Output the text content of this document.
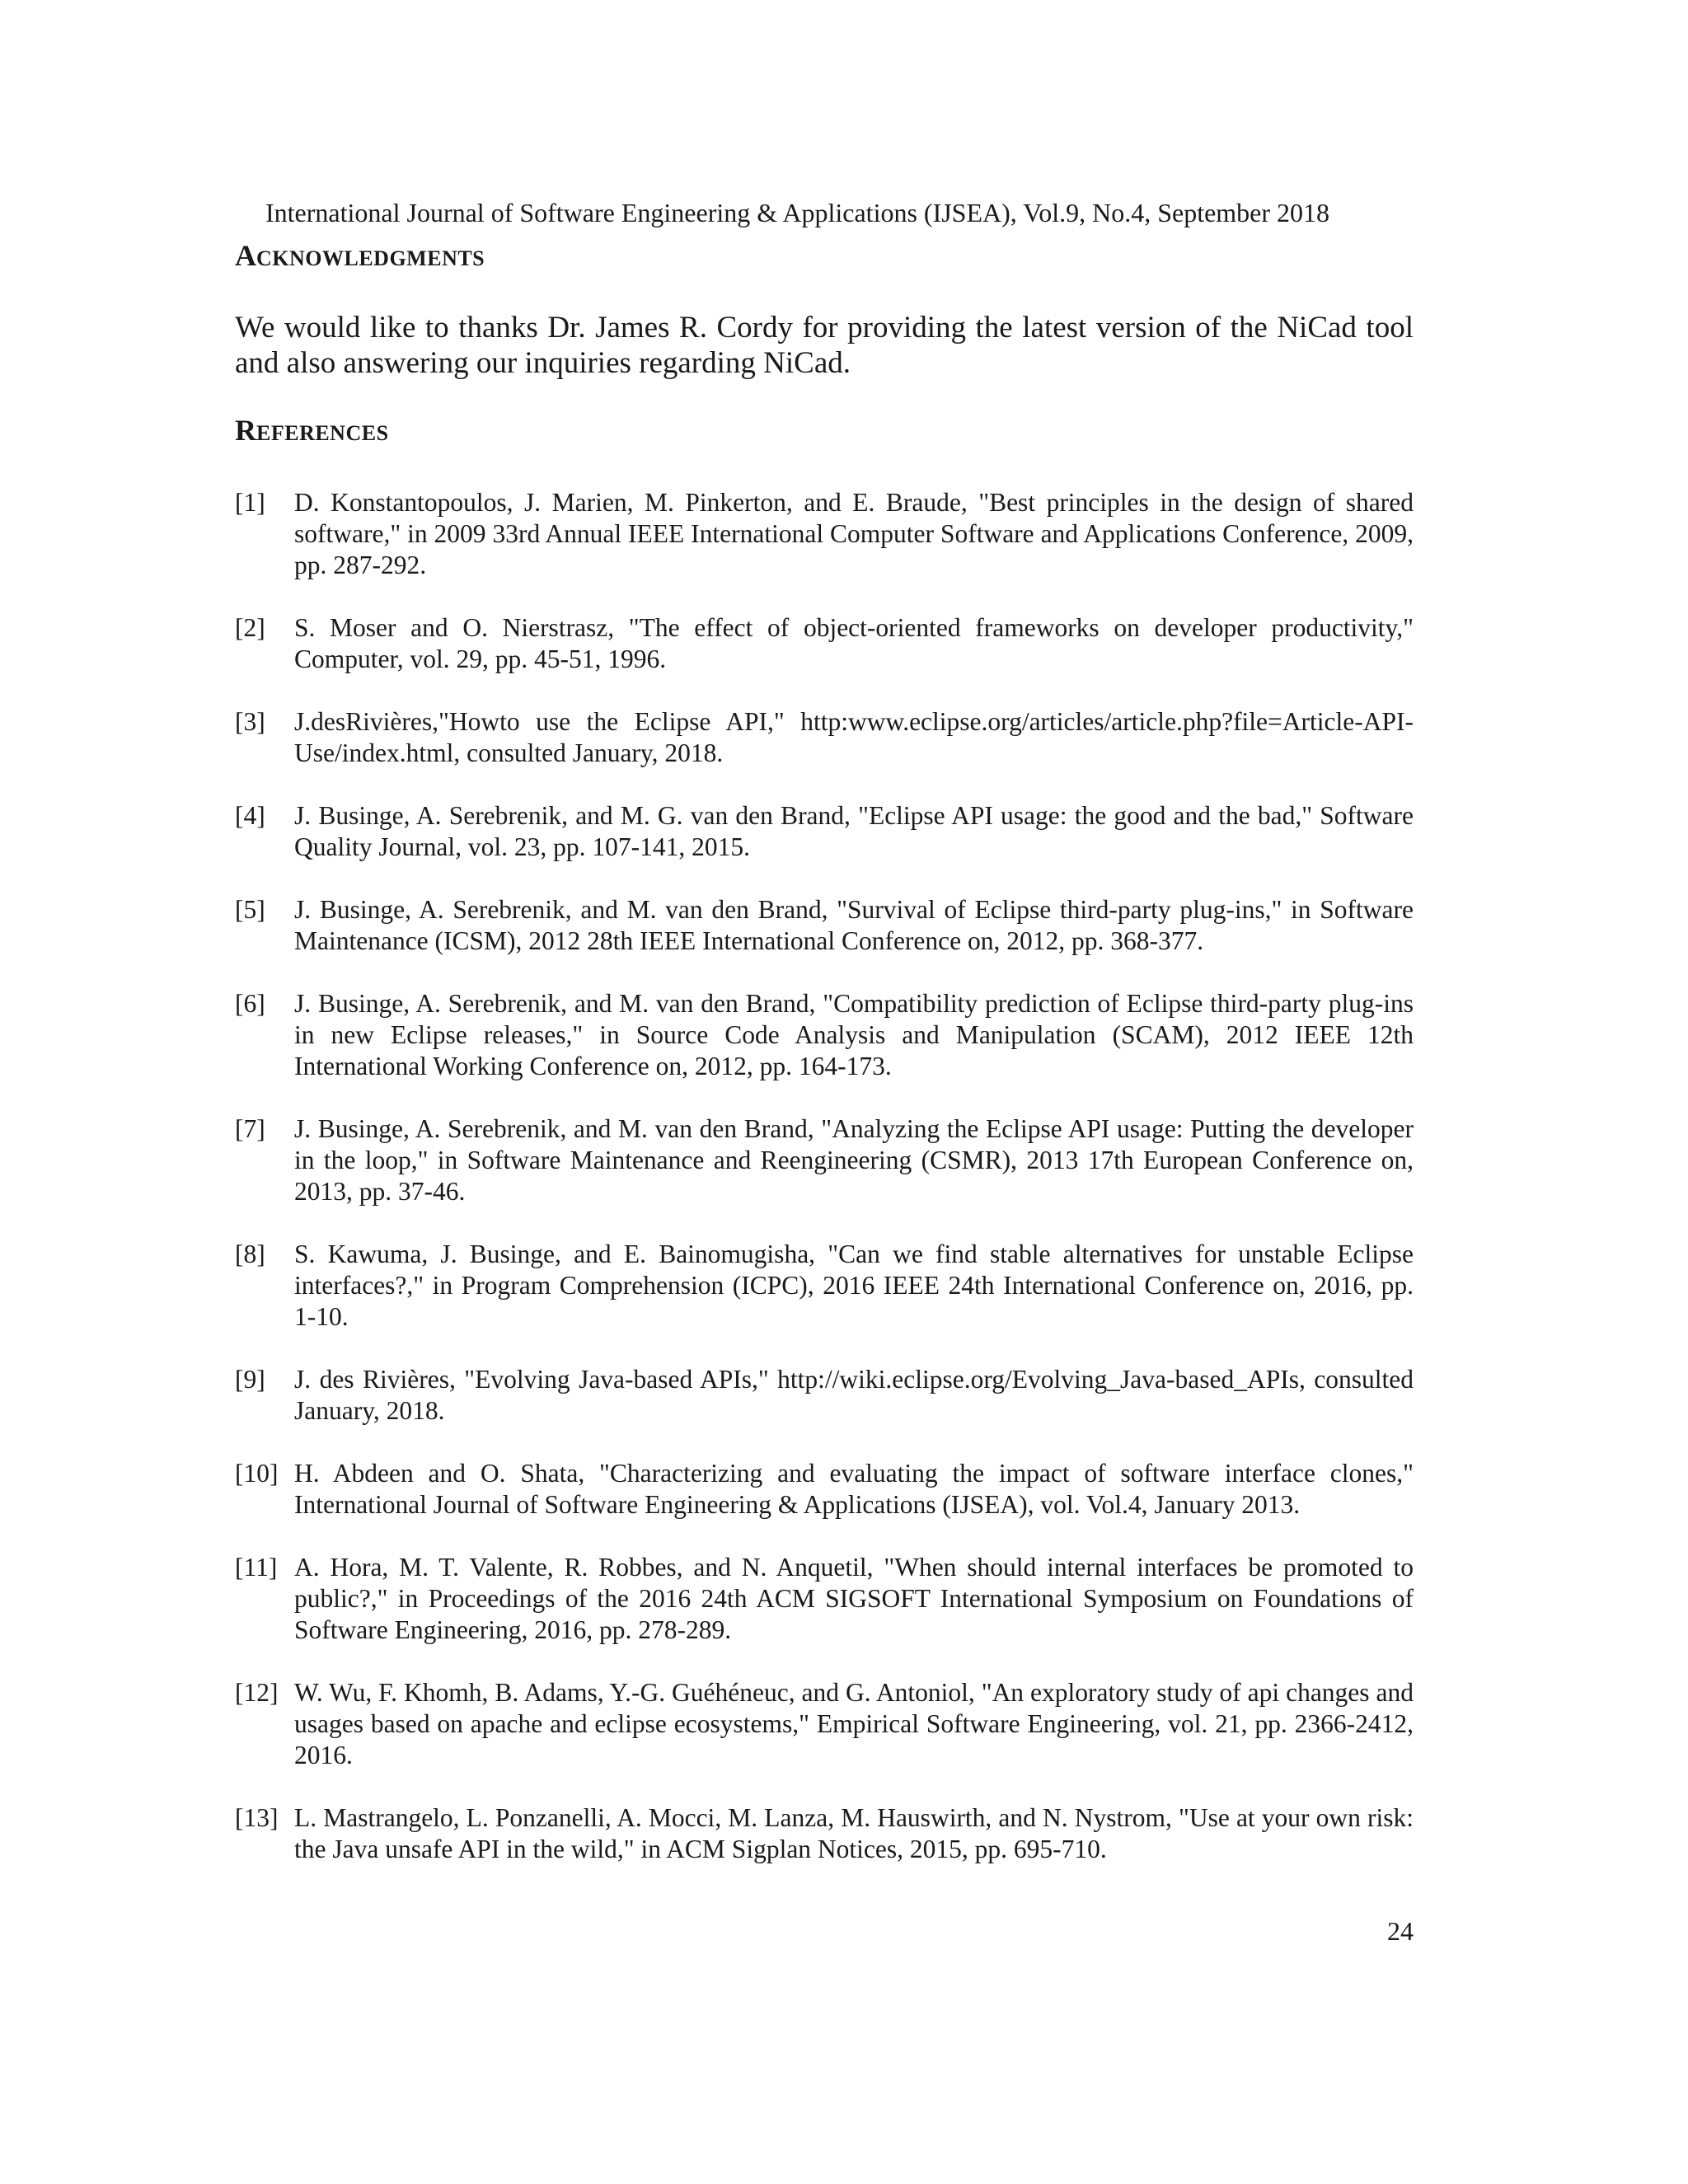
International Journal of Software Engineering & Applications (IJSEA), Vol.9, No.4, September 2018
ACKNOWLEDGMENTS

We would like to thanks Dr. James R. Cordy for providing the latest version of the NiCad tool and also answering our inquiries regarding NiCad.

REFERENCES
[1] D. Konstantopoulos, J. Marien, M. Pinkerton, and E. Braude, "Best principles in the design of shared software," in 2009 33rd Annual IEEE International Computer Software and Applications Conference, 2009, pp. 287-292.
[2] S. Moser and O. Nierstrasz, "The effect of object-oriented frameworks on developer productivity," Computer, vol. 29, pp. 45-51, 1996.
[3] J.desRivières,"Howto use the Eclipse API," http:www.eclipse.org/articles/article.php?file=Article-API-Use/index.html, consulted January, 2018.
[4] J. Businge, A. Serebrenik, and M. G. van den Brand, "Eclipse API usage: the good and the bad," Software Quality Journal, vol. 23, pp. 107-141, 2015.
[5] J. Businge, A. Serebrenik, and M. van den Brand, "Survival of Eclipse third-party plug-ins," in Software Maintenance (ICSM), 2012 28th IEEE International Conference on, 2012, pp. 368-377.
[6] J. Businge, A. Serebrenik, and M. van den Brand, "Compatibility prediction of Eclipse third-party plug-ins in new Eclipse releases," in Source Code Analysis and Manipulation (SCAM), 2012 IEEE 12th International Working Conference on, 2012, pp. 164-173.
[7] J. Businge, A. Serebrenik, and M. van den Brand, "Analyzing the Eclipse API usage: Putting the developer in the loop," in Software Maintenance and Reengineering (CSMR), 2013 17th European Conference on, 2013, pp. 37-46.
[8] S. Kawuma, J. Businge, and E. Bainomugisha, "Can we find stable alternatives for unstable Eclipse interfaces?," in Program Comprehension (ICPC), 2016 IEEE 24th International Conference on, 2016, pp. 1-10.
[9] J. des Rivières, "Evolving Java-based APIs," http://wiki.eclipse.org/Evolving_Java-based_APIs, consulted January, 2018.
[10] H. Abdeen and O. Shata, "Characterizing and evaluating the impact of software interface clones," International Journal of Software Engineering & Applications (IJSEA), vol. Vol.4, January 2013.
[11] A. Hora, M. T. Valente, R. Robbes, and N. Anquetil, "When should internal interfaces be promoted to public?," in Proceedings of the 2016 24th ACM SIGSOFT International Symposium on Foundations of Software Engineering, 2016, pp. 278-289.
[12] W. Wu, F. Khomh, B. Adams, Y.-G. Guéhéneuc, and G. Antoniol, "An exploratory study of api changes and usages based on apache and eclipse ecosystems," Empirical Software Engineering, vol. 21, pp. 2366-2412, 2016.
[13] L. Mastrangelo, L. Ponzanelli, A. Mocci, M. Lanza, M. Hauswirth, and N. Nystrom, "Use at your own risk: the Java unsafe API in the wild," in ACM Sigplan Notices, 2015, pp. 695-710.
24
